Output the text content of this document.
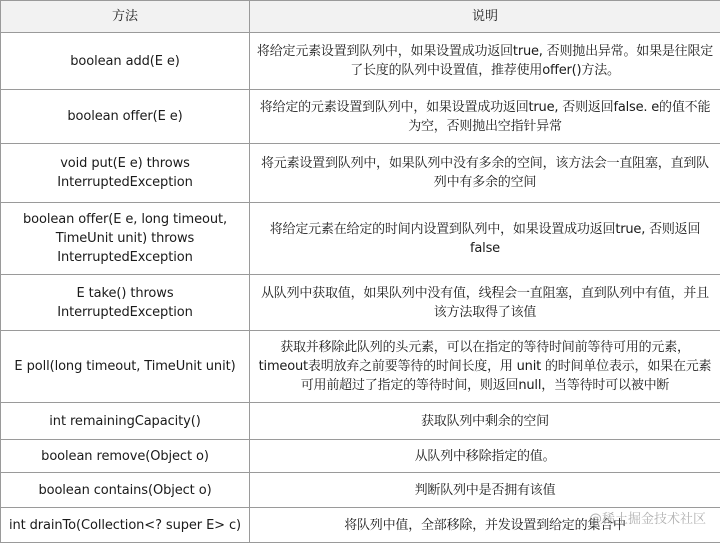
方法	说明
boolean add(E e)	将给定元素设置到队列中，如果设置成功返回true, 否则抛出异常。如果是往限定了长度的队列中设置值，推荐使用offer()方法。
boolean offer(E e)	将给定的元素设置到队列中，如果设置成功返回true, 否则返回false. e的值不能为空，否则抛出空指针异常
void put(E e) throws InterruptedException	将元素设置到队列中，如果队列中没有多余的空间，该方法会一直阻塞，直到队列中有多余的空间
boolean offer(E e, long timeout, TimeUnit unit) throws InterruptedException	将给定元素在给定的时间内设置到队列中，如果设置成功返回true, 否则返回false
E take() throws InterruptedException	从队列中获取值，如果队列中没有值，线程会一直阻塞，直到队列中有值，并且该方法取得了该值
E poll(long timeout, TimeUnit unit)	获取并移除此队列的头元素，可以在指定的等待时间前等待可用的元素，timeout表明放弃之前要等待的时间长度，用 unit 的时间单位表示，如果在元素可用前超过了指定的等待时间，则返回null，当等待时可以被中断
int remainingCapacity()	获取队列中剩余的空间
boolean remove(Object o)	从队列中移除指定的值。
boolean contains(Object o)	判断队列中是否拥有该值
int drainTo(Collection<? super E> c)	将队列中值，全部移除，并发设置到给定的集合中
@稀土掘金技术社区
